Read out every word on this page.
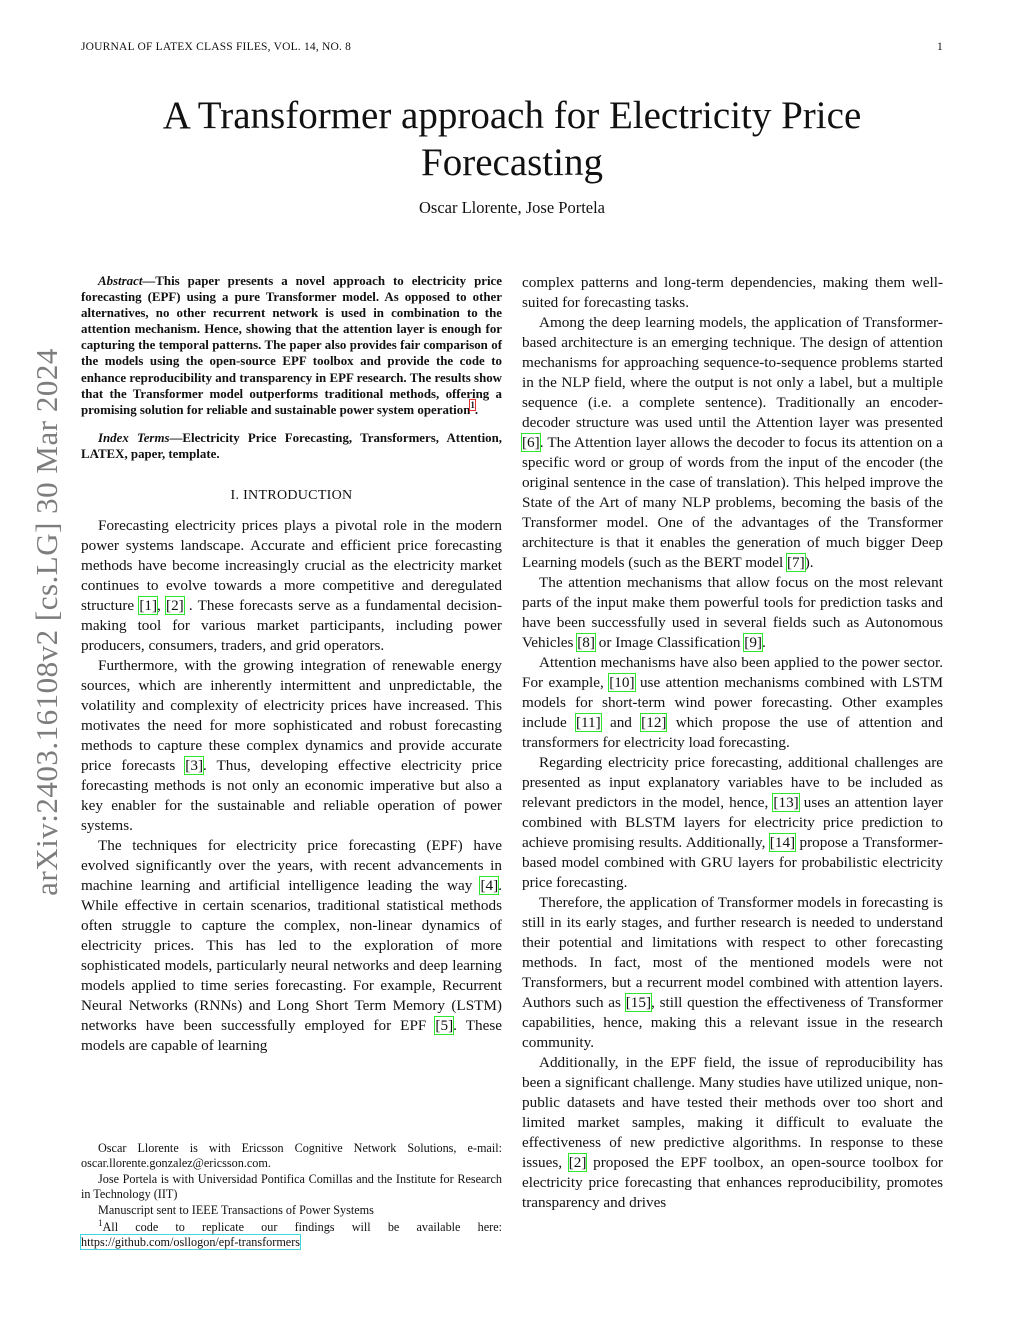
JOURNAL OF LATEX CLASS FILES, VOL. 14, NO. 8	1
arXiv:2403.16108v2 [cs.LG] 30 Mar 2024
A Transformer approach for Electricity Price Forecasting
Oscar Llorente, Jose Portela

Abstract—This paper presents a novel approach to electricity price forecasting (EPF) using a pure Transformer model. As opposed to other alternatives, no other recurrent network is used in combination to the attention mechanism. Hence, showing that the attention layer is enough for capturing the temporal patterns. The paper also provides fair comparison of the models using the open-source EPF toolbox and provide the code to enhance reproducibility and transparency in EPF research. The results show that the Transformer model outperforms traditional methods, offering a promising solution for reliable and sustainable power system operation$^1$.

Index Terms—Electricity Price Forecasting, Transformers, Attention, LATEX, paper, template.

I. INTRODUCTION

Forecasting electricity prices plays a pivotal role in the modern power systems landscape. Accurate and efficient price forecasting methods have become increasingly crucial as the electricity market continues to evolve towards a more competitive and deregulated structure [1], [2] . These forecasts serve as a fundamental decision-making tool for various market participants, including power producers, consumers, traders, and grid operators.

Furthermore, with the growing integration of renewable energy sources, which are inherently intermittent and unpredictable, the volatility and complexity of electricity prices have increased. This motivates the need for more sophisticated and robust forecasting methods to capture these complex dynamics and provide accurate price forecasts [3]. Thus, developing effective electricity price forecasting methods is not only an economic imperative but also a key enabler for the sustainable and reliable operation of power systems.

The techniques for electricity price forecasting (EPF) have evolved significantly over the years, with recent advancements in machine learning and artificial intelligence leading the way [4]. While effective in certain scenarios, traditional statistical methods often struggle to capture the complex, non-linear dynamics of electricity prices. This has led to the exploration of more sophisticated models, particularly neural networks and deep learning models applied to time series forecasting. For example, Recurrent Neural Networks (RNNs) and Long Short Term Memory (LSTM) networks have been successfully employed for EPF [5]. These models are capable of learning

Oscar Llorente is with Ericsson Cognitive Network Solutions, e-mail: oscar.llorente.gonzalez@ericsson.com.

Jose Portela is with Universidad Pontifica Comillas and the Institute for Research in Technology (IIT)

Manuscript sent to IEEE Transactions of Power Systems

$^1$All code to replicate our findings will be available here: https://github.com/osllogon/epf-transformers

complex patterns and long-term dependencies, making them well-suited for forecasting tasks.

Among the deep learning models, the application of Transformer-based architecture is an emerging technique. The design of attention mechanisms for approaching sequence-to-sequence problems started in the NLP field, where the output is not only a label, but a multiple sequence (i.e. a complete sentence). Traditionally an encoder-decoder structure was used until the Attention layer was presented [6]. The Attention layer allows the decoder to focus its attention on a specific word or group of words from the input of the encoder (the original sentence in the case of translation). This helped improve the State of the Art of many NLP problems, becoming the basis of the Transformer model. One of the advantages of the Transformer architecture is that it enables the generation of much bigger Deep Learning models (such as the BERT model [7]).

The attention mechanisms that allow focus on the most relevant parts of the input make them powerful tools for prediction tasks and have been successfully used in several fields such as Autonomous Vehicles [8] or Image Classification [9].

Attention mechanisms have also been applied to the power sector. For example, [10] use attention mechanisms combined with LSTM models for short-term wind power forecasting. Other examples include [11] and [12] which propose the use of attention and transformers for electricity load forecasting.

Regarding electricity price forecasting, additional challenges are presented as input explanatory variables have to be included as relevant predictors in the model, hence, [13] uses an attention layer combined with BLSTM layers for electricity price prediction to achieve promising results. Additionally, [14] propose a Transformer-based model combined with GRU layers for probabilistic electricity price forecasting.

Therefore, the application of Transformer models in forecasting is still in its early stages, and further research is needed to understand their potential and limitations with respect to other forecasting methods. In fact, most of the mentioned models were not Transformers, but a recurrent model combined with attention layers. Authors such as [15], still question the effectiveness of Transformer capabilities, hence, making this a relevant issue in the research community.

Additionally, in the EPF field, the issue of reproducibility has been a significant challenge. Many studies have utilized unique, non-public datasets and have tested their methods over too short and limited market samples, making it difficult to evaluate the effectiveness of new predictive algorithms. In response to these issues, [2] proposed the EPF toolbox, an open-source toolbox for electricity price forecasting that enhances reproducibility, promotes transparency and drives
